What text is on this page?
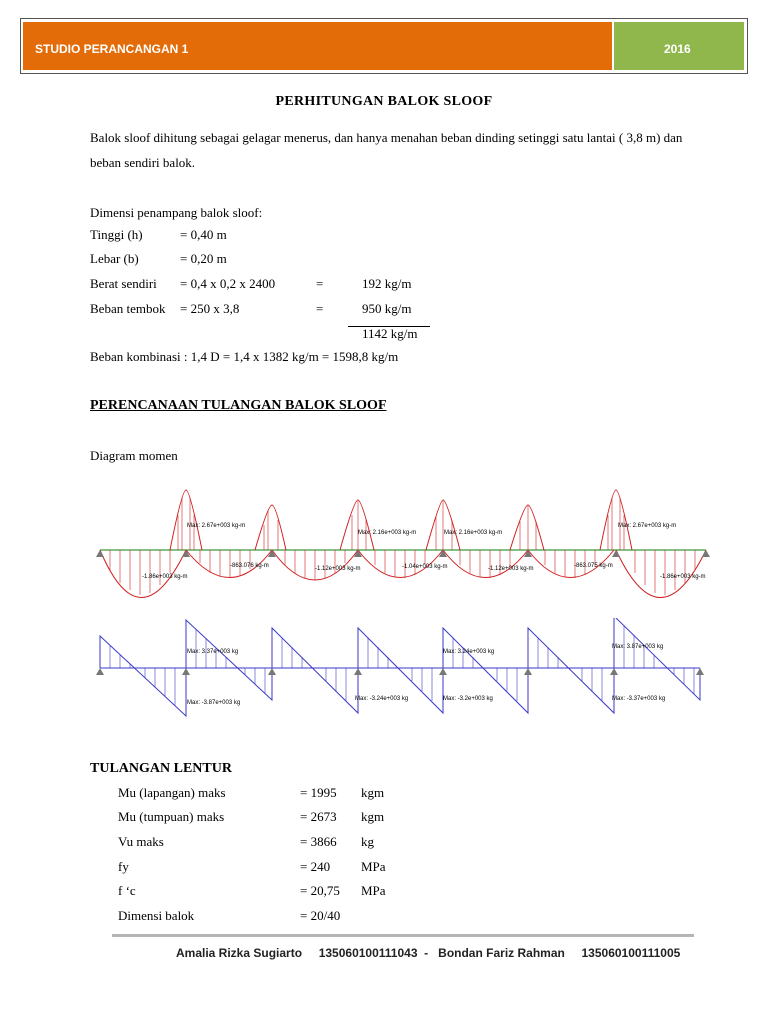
STUDIO PERANCANGAN 1	2016
PERHITUNGAN BALOK SLOOF
Balok sloof dihitung sebagai gelagar menerus, dan hanya menahan beban dinding setinggi satu lantai ( 3,8 m) dan beban sendiri balok.
Dimensi penampang balok sloof:
Tinggi (h)	= 0,40 m
Lebar (b)	= 0,20 m
Berat sendiri = 0,4 x 0,2 x 2400	=	192 kg/m
Beban tembok = 250 x 3,8	=	950 kg/m
1142 kg/m
Beban kombinasi : 1,4 D = 1,4 x 1382 kg/m = 1598,8 kg/m
PERENCANAAN TULANGAN BALOK SLOOF
Diagram momen
Max: 2.67e+003 kg-m
-1.86e+003 kg-m
-863.076 kg-m
Max: 2.16e+003 kg-m
-1.12e+003 kg-m	-1.04e+003 kg-m
Max: 2.16e+003 kg-m
-1.12e+003 kg-m	-863.075 kg-m
Max: 2.67e+003 kg-m
-1.86e+003 kg-m
Max: 3.37e+003 kg
Max: -3.87e+003 kg
Max: -3.24e+003 kg
Max: 3.24e+003 kg
Max: -3.2e+003 kg
Max: 3.87e+003 kg
Max: -3.37e+003 kg
TULANGAN LENTUR
Mu (lapangan) maks	= 1995 kgm
Mu (tumpuan) maks	= 2673 kgm
Vu maks	= 3866 kg
fy	= 240 MPa
f ‘c	= 20,75 MPa
Dimensi balok	= 20/40
Amalia Rizka Sugiarto     135060100111043  -   Bondan Fariz Rahman     135060100111005
